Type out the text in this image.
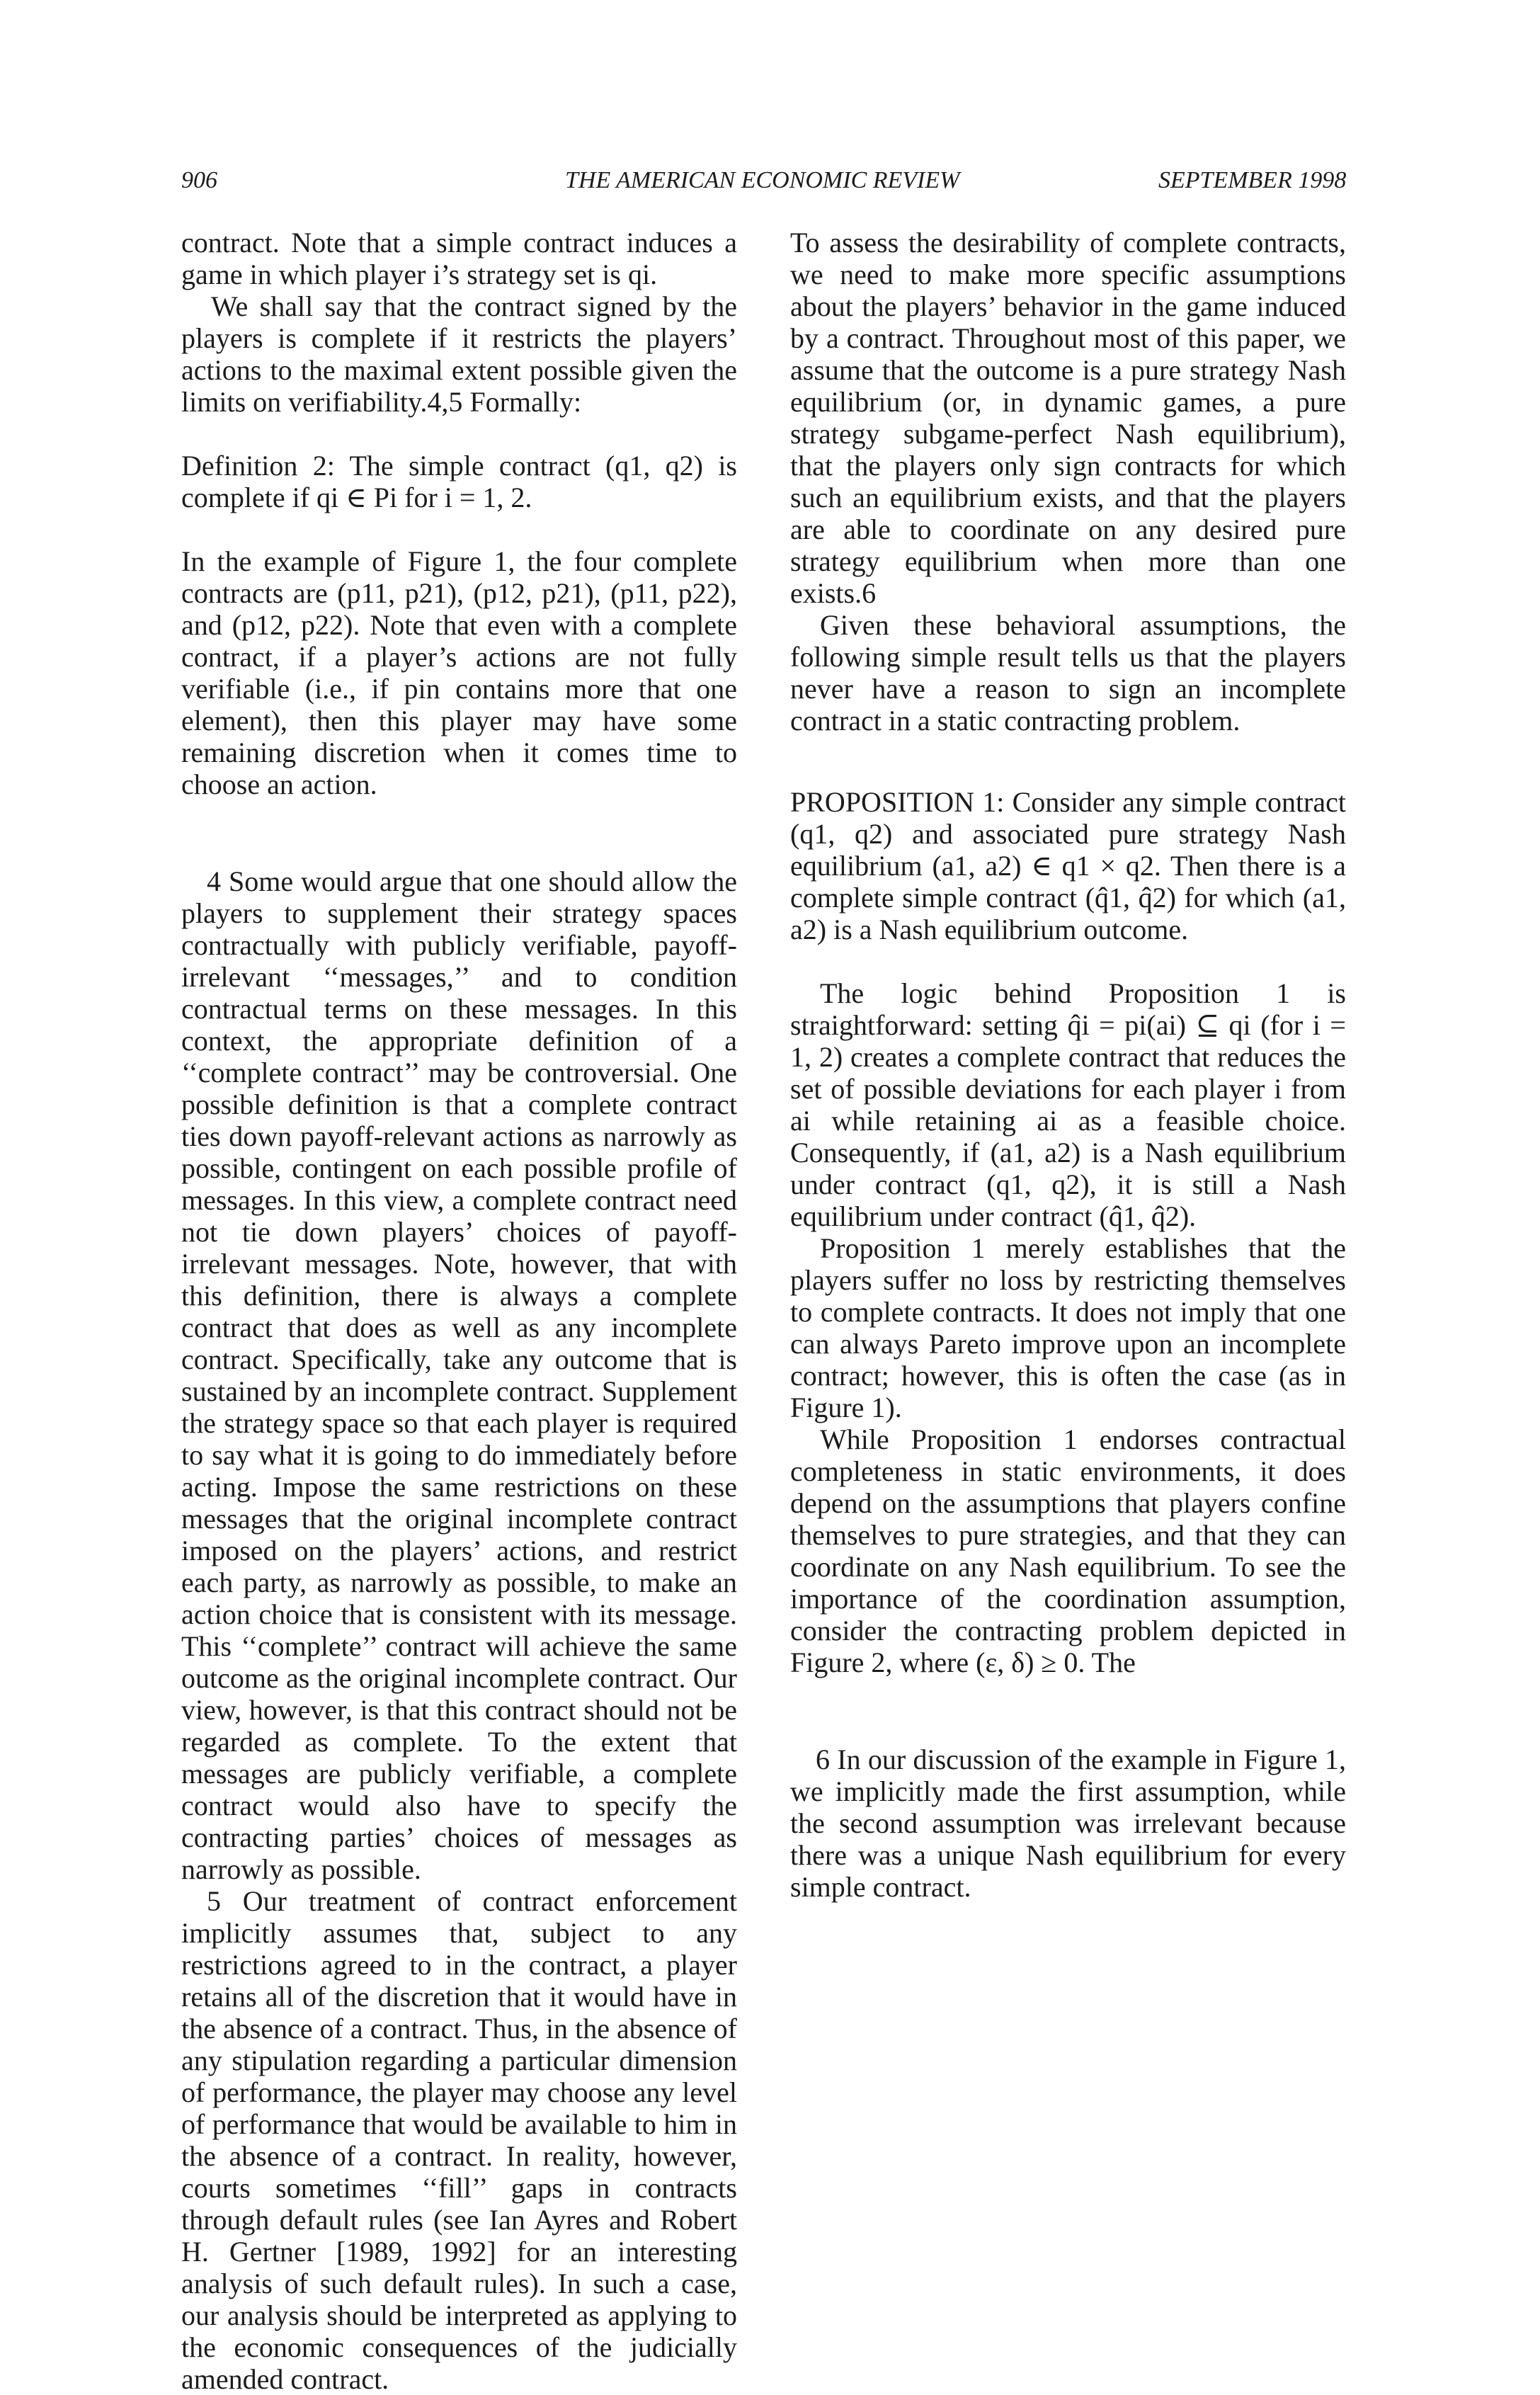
906	THE AMERICAN ECONOMIC REVIEW	SEPTEMBER 1998

contract. Note that a simple contract induces a game in which player i’s strategy set is qi.

We shall say that the contract signed by the players is complete if it restricts the players’ actions to the maximal extent possible given the limits on verifiability.4,5 Formally:

Definition 2: The simple contract (q1, q2) is complete if qi ∈ Pi for i = 1, 2.

In the example of Figure 1, the four complete contracts are (p11, p21), (p12, p21), (p11, p22), and (p12, p22). Note that even with a complete contract, if a player’s actions are not fully verifiable (i.e., if pin contains more that one element), then this player may have some remaining discretion when it comes time to choose an action.

4 Some would argue that one should allow the players to supplement their strategy spaces contractually with publicly verifiable, payoff-irrelevant ‘‘messages,’’ and to condition contractual terms on these messages. In this context, the appropriate definition of a ‘‘complete contract’’ may be controversial. One possible definition is that a complete contract ties down payoff-relevant actions as narrowly as possible, contingent on each possible profile of messages. In this view, a complete contract need not tie down players’ choices of payoff-irrelevant messages. Note, however, that with this definition, there is always a complete contract that does as well as any incomplete contract. Specifically, take any outcome that is sustained by an incomplete contract. Supplement the strategy space so that each player is required to say what it is going to do immediately before acting. Impose the same restrictions on these messages that the original incomplete contract imposed on the players’ actions, and restrict each party, as narrowly as possible, to make an action choice that is consistent with its message. This ‘‘complete’’ contract will achieve the same outcome as the original incomplete contract. Our view, however, is that this contract should not be regarded as complete. To the extent that messages are publicly verifiable, a complete contract would also have to specify the contracting parties’ choices of messages as narrowly as possible.

5 Our treatment of contract enforcement implicitly assumes that, subject to any restrictions agreed to in the contract, a player retains all of the discretion that it would have in the absence of a contract. Thus, in the absence of any stipulation regarding a particular dimension of performance, the player may choose any level of performance that would be available to him in the absence of a contract. In reality, however, courts sometimes ‘‘fill’’ gaps in contracts through default rules (see Ian Ayres and Robert H. Gertner [1989, 1992] for an interesting analysis of such default rules). In such a case, our analysis should be interpreted as applying to the economic consequences of the judicially amended contract.

To assess the desirability of complete contracts, we need to make more specific assumptions about the players’ behavior in the game induced by a contract. Throughout most of this paper, we assume that the outcome is a pure strategy Nash equilibrium (or, in dynamic games, a pure strategy subgame-perfect Nash equilibrium), that the players only sign contracts for which such an equilibrium exists, and that the players are able to coordinate on any desired pure strategy equilibrium when more than one exists.6

Given these behavioral assumptions, the following simple result tells us that the players never have a reason to sign an incomplete contract in a static contracting problem.

PROPOSITION 1: Consider any simple contract (q1, q2) and associated pure strategy Nash equilibrium (a1, a2) ∈ q1 × q2. Then there is a complete simple contract (q̂1, q̂2) for which (a1, a2) is a Nash equilibrium outcome.

The logic behind Proposition 1 is straightforward: setting q̂i = pi(ai) ⊆ qi (for i = 1, 2) creates a complete contract that reduces the set of possible deviations for each player i from ai while retaining ai as a feasible choice. Consequently, if (a1, a2) is a Nash equilibrium under contract (q1, q2), it is still a Nash equilibrium under contract (q̂1, q̂2).

Proposition 1 merely establishes that the players suffer no loss by restricting themselves to complete contracts. It does not imply that one can always Pareto improve upon an incomplete contract; however, this is often the case (as in Figure 1).

While Proposition 1 endorses contractual completeness in static environments, it does depend on the assumptions that players confine themselves to pure strategies, and that they can coordinate on any Nash equilibrium. To see the importance of the coordination assumption, consider the contracting problem depicted in Figure 2, where (ε, δ) ≥ 0. The

6 In our discussion of the example in Figure 1, we implicitly made the first assumption, while the second assumption was irrelevant because there was a unique Nash equilibrium for every simple contract.
